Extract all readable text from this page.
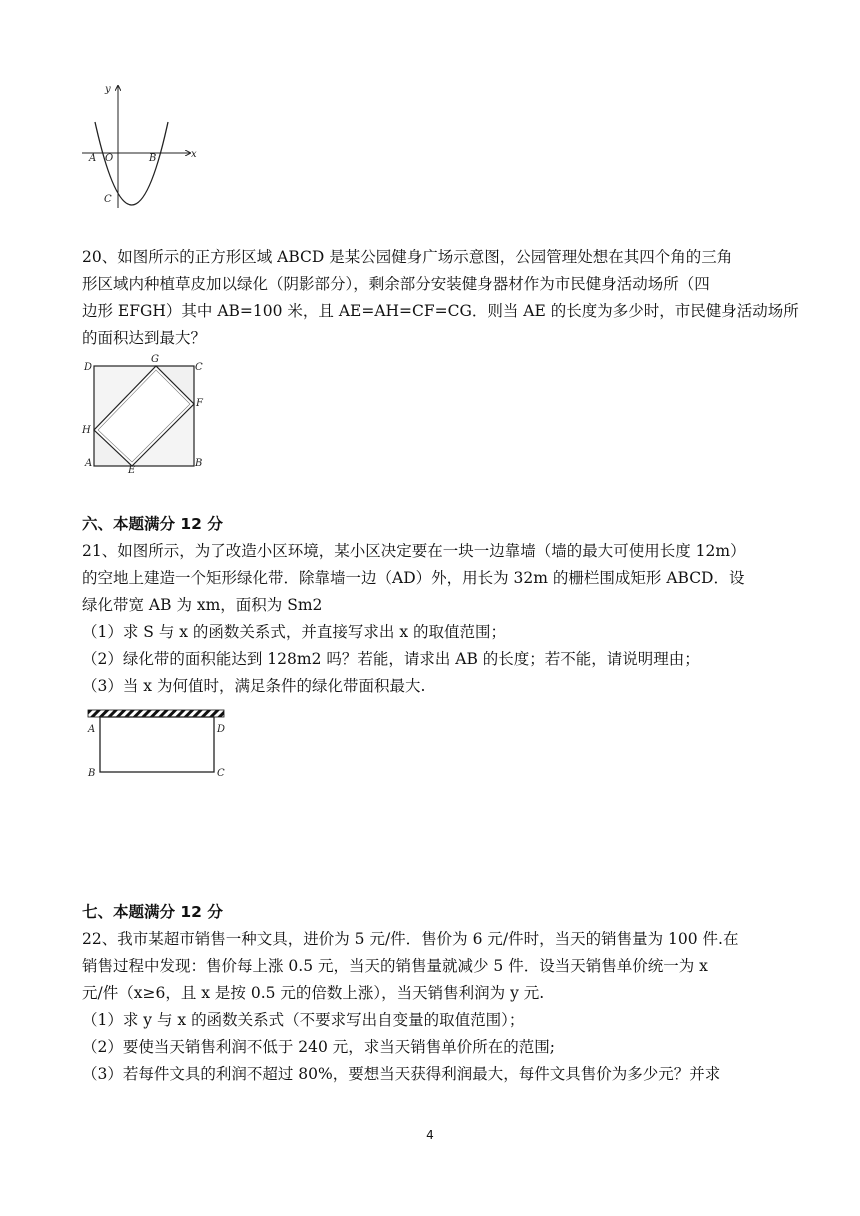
y
x
A O	B
C
20、如图所示的正方形区域 ABCD 是某公园健身广场示意图，公园管理处想在其四个角的三角
形区域内种植草皮加以绿化（阴影部分），剩余部分安装健身器材作为市民健身活动场所（四
边形 EFGH）其中 AB=100 米，且 AE=AH=CF=CG．则当 AE 的长度为多少时，市民健身活动场所
的面积达到最大？
D
G
C
F
H
A
E
B
六、本题满分 12 分
21、如图所示，为了改造小区环境，某小区决定要在一块一边靠墙（墙的最大可使用长度 12m）
的空地上建造一个矩形绿化带．除靠墙一边（AD）外，用长为 32m 的栅栏围成矩形 ABCD．设
绿化带宽 AB 为 xm，面积为 Sm2
（1）求 S 与 x 的函数关系式，并直接写求出 x 的取值范围；
（2）绿化带的面积能达到 128m2 吗？若能，请求出 AB 的长度；若不能，请说明理由；
（3）当 x 为何值时，满足条件的绿化带面积最大.
A	D
B	C
七、本题满分 12 分
22、我市某超市销售一种文具，进价为 5 元/件．售价为 6 元/件时，当天的销售量为 100 件.在
销售过程中发现：售价每上涨 0.5 元，当天的销售量就减少 5 件．设当天销售单价统一为 x
元/件（x≥6，且 x 是按 0.5 元的倍数上涨），当天销售利润为 y 元.
（1）求 y 与 x 的函数关系式（不要求写出自变量的取值范围）；
（2）要使当天销售利润不低于 240 元，求当天销售单价所在的范围;
（3）若每件文具的利润不超过 80%，要想当天获得利润最大，每件文具售价为多少元？并求
4
